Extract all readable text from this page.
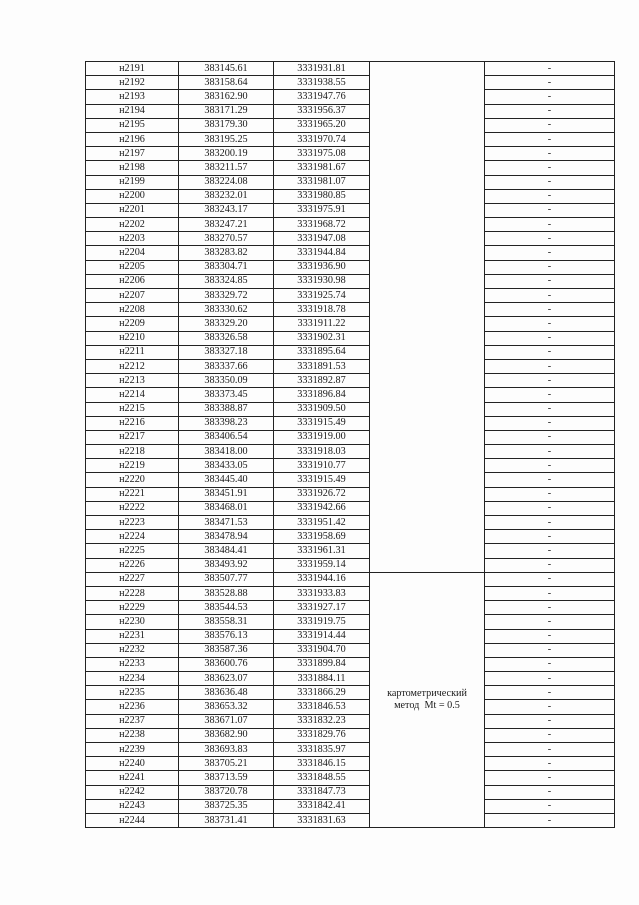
н2191	383145.61	3331931.81		-
н2192	383158.64	3331938.55		-
н2193	383162.90	3331947.76		-
н2194	383171.29	3331956.37		-
н2195	383179.30	3331965.20		-
н2196	383195.25	3331970.74		-
н2197	383200.19	3331975.08		-
н2198	383211.57	3331981.67		-
н2199	383224.08	3331981.07		-
н2200	383232.01	3331980.85		-
н2201	383243.17	3331975.91		-
н2202	383247.21	3331968.72		-
н2203	383270.57	3331947.08		-
н2204	383283.82	3331944.84		-
н2205	383304.71	3331936.90		-
н2206	383324.85	3331930.98		-
н2207	383329.72	3331925.74		-
н2208	383330.62	3331918.78		-
н2209	383329.20	3331911.22		-
н2210	383326.58	3331902.31		-
н2211	383327.18	3331895.64		-
н2212	383337.66	3331891.53		-
н2213	383350.09	3331892.87		-
н2214	383373.45	3331896.84		-
н2215	383388.87	3331909.50		-
н2216	383398.23	3331915.49		-
н2217	383406.54	3331919.00		-
н2218	383418.00	3331918.03		-
н2219	383433.05	3331910.77		-
н2220	383445.40	3331915.49		-
н2221	383451.91	3331926.72		-
н2222	383468.01	3331942.66		-
н2223	383471.53	3331951.42		-
н2224	383478.94	3331958.69		-
н2225	383484.41	3331961.31		-
н2226	383493.92	3331959.14		-
н2227	383507.77	3331944.16	картометрический
метод  Mt = 0.5	-
н2228	383528.88	3331933.83		-
н2229	383544.53	3331927.17		-
н2230	383558.31	3331919.75		-
н2231	383576.13	3331914.44		-
н2232	383587.36	3331904.70		-
н2233	383600.76	3331899.84		-
н2234	383623.07	3331884.11		-
н2235	383636.48	3331866.29		-
н2236	383653.32	3331846.53		-
н2237	383671.07	3331832.23		-
н2238	383682.90	3331829.76		-
н2239	383693.83	3331835.97		-
н2240	383705.21	3331846.15		-
н2241	383713.59	3331848.55		-
н2242	383720.78	3331847.73		-
н2243	383725.35	3331842.41		-
н2244	383731.41	3331831.63		-
